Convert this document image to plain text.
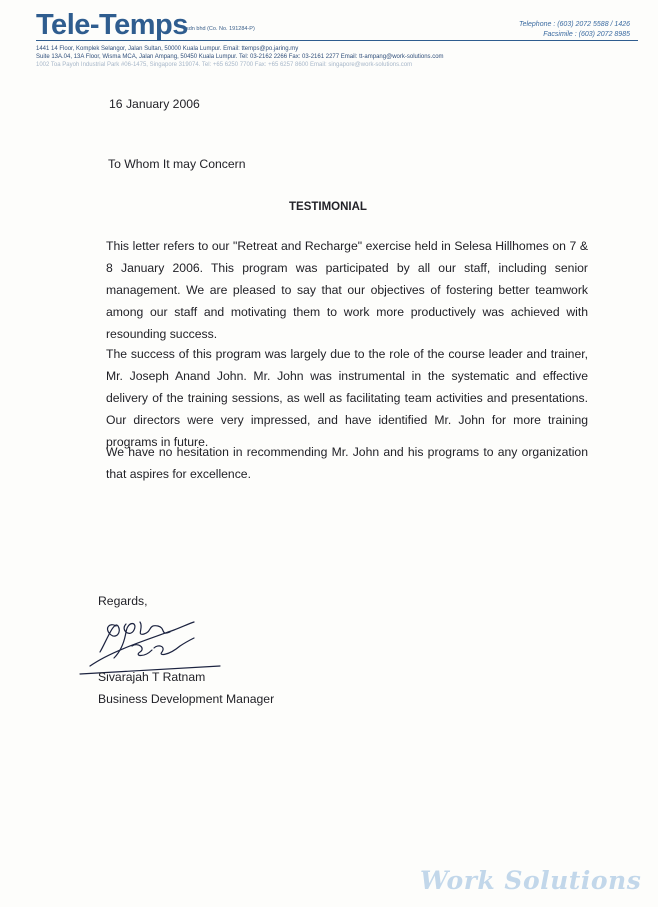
Tele-Temps
sdn bhd (Co. No. 191284-P)
Telephone : (603) 2072 5588 / 1426
Facsimile : (603) 2072 8985
1441 14 Floor, Komplek Selangor, Jalan Sultan, 50000 Kuala Lumpur. Email: ttemps@po.jaring.my
Suite 13A.04, 13A Floor, Wisma MCA, Jalan Ampang, 50450 Kuala Lumpur. Tel: 03-2162 2266 Fax: 03-2161 2277 Email: tt-ampang@work-solutions.com
1002 Toa Payoh Industrial Park #06-1475, Singapore 319074. Tel: +65 6250 7700 Fax: +65 6257 8600 Email: singapore@work-solutions.com
16 January 2006
To Whom It may Concern
TESTIMONIAL
This letter refers to our "Retreat and Recharge" exercise held in Selesa Hillhomes on 7 & 8 January 2006. This program was participated by all our staff, including senior management. We are pleased to say that our objectives of fostering better teamwork among our staff and motivating them to work more productively was achieved with resounding success.
The success of this program was largely due to the role of the course leader and trainer, Mr. Joseph Anand John. Mr. John was instrumental in the systematic and effective delivery of the training sessions, as well as facilitating team activities and presentations. Our directors were very impressed, and have identified Mr. John for more training programs in future.
We have no hesitation in recommending Mr. John and his programs to any organization that aspires for excellence.
Regards,
Sivarajah T Ratnam
Business Development Manager
Work Solutions
